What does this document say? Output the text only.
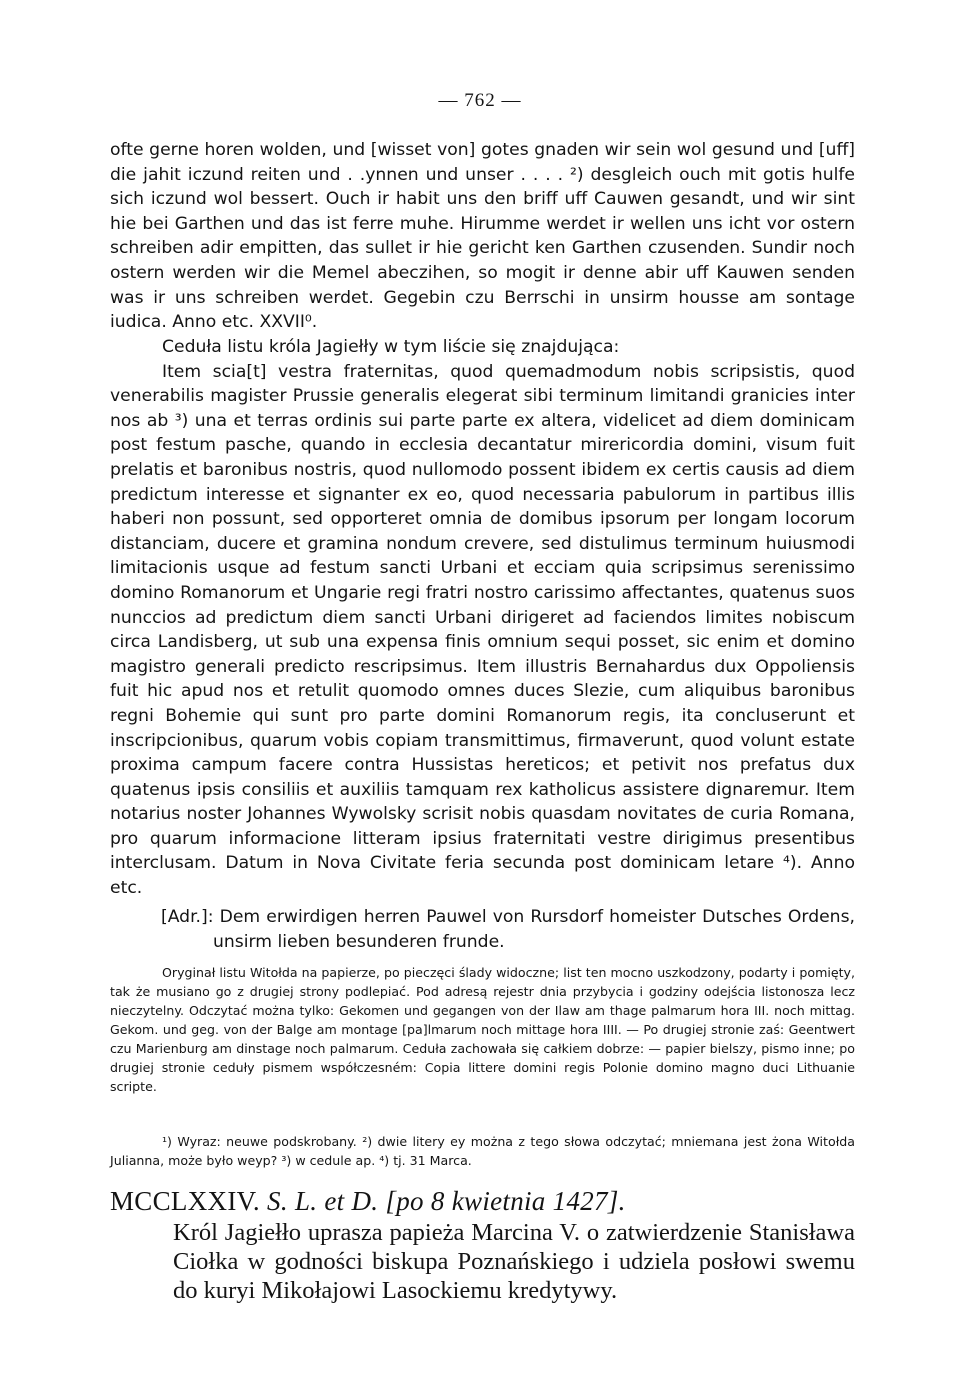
— 762 —

ofte gerne horen wolden, und [wisset von] gotes gnaden wir sein wol gesund und [uff] die jahit iczund reiten und . .ynnen und unser . . . . ²) desgleich ouch mit gotis hulfe sich iczund wol bessert. Ouch ir habit uns den briff uff Cauwen gesandt, und wir sint hie bei Garthen und das ist ferre muhe. Hirumme werdet ir wellen uns icht vor ostern schreiben adir empitten, das sullet ir hie gericht ken Garthen czusenden. Sundir noch ostern werden wir die Memel abeczihen, so mogit ir denne abir uff Kauwen senden was ir uns schreiben werdet. Gegebin czu Berrschi in unsirm housse am sontage iudica. Anno etc. XXVII⁰.

Cedułа listu króla Jagiełły w tym liście się znajdująca:

Item scia[t] vestra fraternitas, quod quemadmodum nobis scripsistis, quod venerabilis magister Prussie generalis elegerat sibi terminum limitandi granicies inter nos ab ³) una et terras ordinis sui parte parte ex altera, videlicet ad diem dominicam post festum pasche, quando in ecclesia decantatur mirericordia domini, visum fuit prelatis et baronibus nostris, quod nullomodo possent ibidem ex certis causis ad diem predictum interesse et signanter ex eo, quod necessaria pabulorum in partibus illis haberi non possunt, sed opporteret omnia de domibus ipsorum per longam locorum distanciam, ducere et gramina nondum crevere, sed distulimus terminum huiusmodi limitacionis usque ad festum sancti Urbani et ecciam quia scripsimus serenissimo domino Romanorum et Ungarie regi fratri nostro carissimo affectantes, quatenus suos nunccios ad predictum diem sancti Urbani dirigeret ad faciendos limites nobiscum circa Landisberg, ut sub una expensa finis omnium sequi posset, sic enim et domino magistro generali predicto rescripsimus. Item illustris Bernahardus dux Oppoliensis fuit hic apud nos et retulit quomodo omnes duces Slezie, cum aliquibus baronibus regni Bohemie qui sunt pro parte domini Romanorum regis, ita concluserunt et inscripcionibus, quarum vobis copiam transmittimus, firmaverunt, quod volunt estate proxima campum facere contra Hussistas hereticos; et petivit nos prefatus dux quatenus ipsis consiliis et auxiliis tamquam rex katholicus assistere dignaremur. Item notarius noster Johannes Wywolsky scrisit nobis quasdam novitates de curia Romana, pro quarum informacione litteram ipsius fraternitati vestre dirigimus presentibus interclusam. Datum in Nova Civitate feria secunda post dominicam letare ⁴). Anno etc.

[Adr.]: Dem erwirdigen herren Pauwel von Rursdorf homeister Dutsches Ordens, unsirm lieben besunderen frunde.

Oryginał listu Witołda na papierze, po pieczęci ślady widoczne; list ten mocno uszkodzony, podarty i pomięty, tak że musiano go z drugiej strony podlepiać. Pod adresą rejestr dnia przybycia i godziny odejścia listonosza lecz nieczytelny. Odczytać można tylko: Gekomen und gegangen von der Ilaw am thage palmarum hora III. noch mittag. Gekom. und geg. von der Balge am montage [pa]lmarum noch mittage hora IIII. — Po drugiej stronie zaś: Geentwert czu Marienburg am dinstage noch palmarum. Cedułа zachowała się całkiem dobrze: — papier bielszy, pismo inne; po drugiej stronie cedułу pismem współczesném: Copia littere domini regis Polonie domino magno duci Lithuanie scripte.

¹) Wyraz: neuwe podskrobany. ²) dwie litery ey można z tego słowa odczytać; mniemana jest żona Witołda Julianna, może było weyp? ³) w cedule ap. ⁴) tj. 31 Marca.

MCCLXXIV. S. L. et D. [po 8 kwietnia 1427].
Król Jagiełło uprasza papieża Marcina V. o zatwierdzenie Stanisława Ciołka w godności biskupa Poznańskiego i udziela posłowi swemu do kuryi Mikołajowi Lasockiemu kredytywy.
